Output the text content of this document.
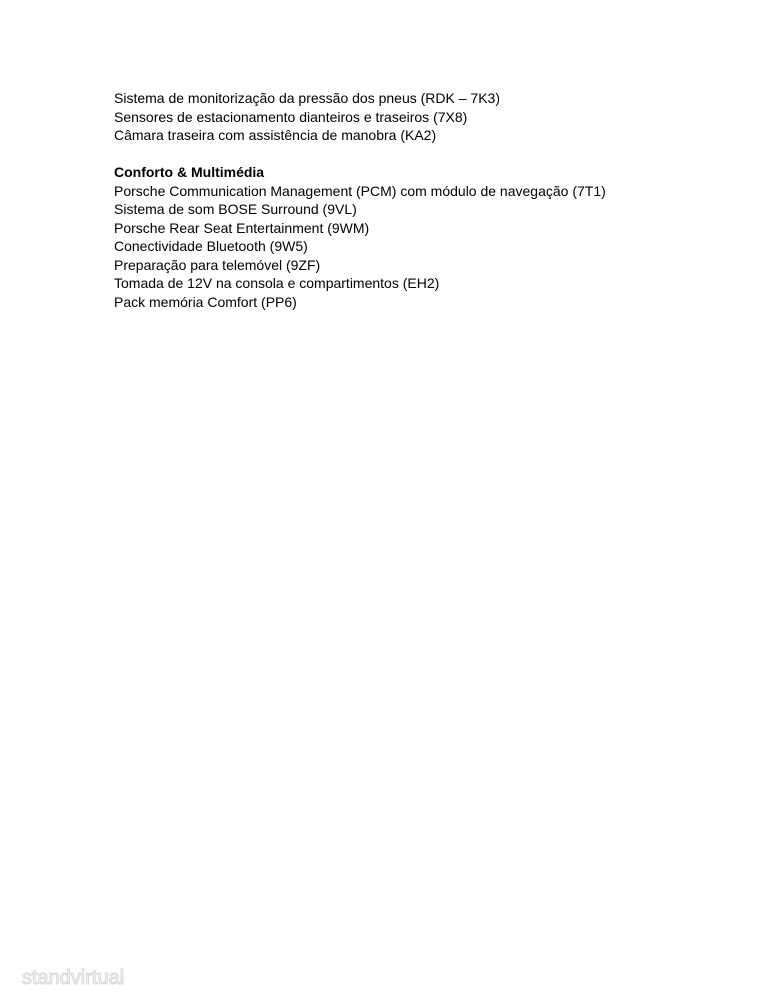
Sistema de monitorização da pressão dos pneus (RDK – 7K3)

Sensores de estacionamento dianteiros e traseiros (7X8)

Câmara traseira com assistência de manobra (KA2)

Conforto & Multimédia

Porsche Communication Management (PCM) com módulo de navegação (7T1)

Sistema de som BOSE Surround (9VL)

Porsche Rear Seat Entertainment (9WM)

Conectividade Bluetooth (9W5)

Preparação para telemóvel (9ZF)

Tomada de 12V na consola e compartimentos (EH2)

Pack memória Comfort (PP6)

standvirtual
